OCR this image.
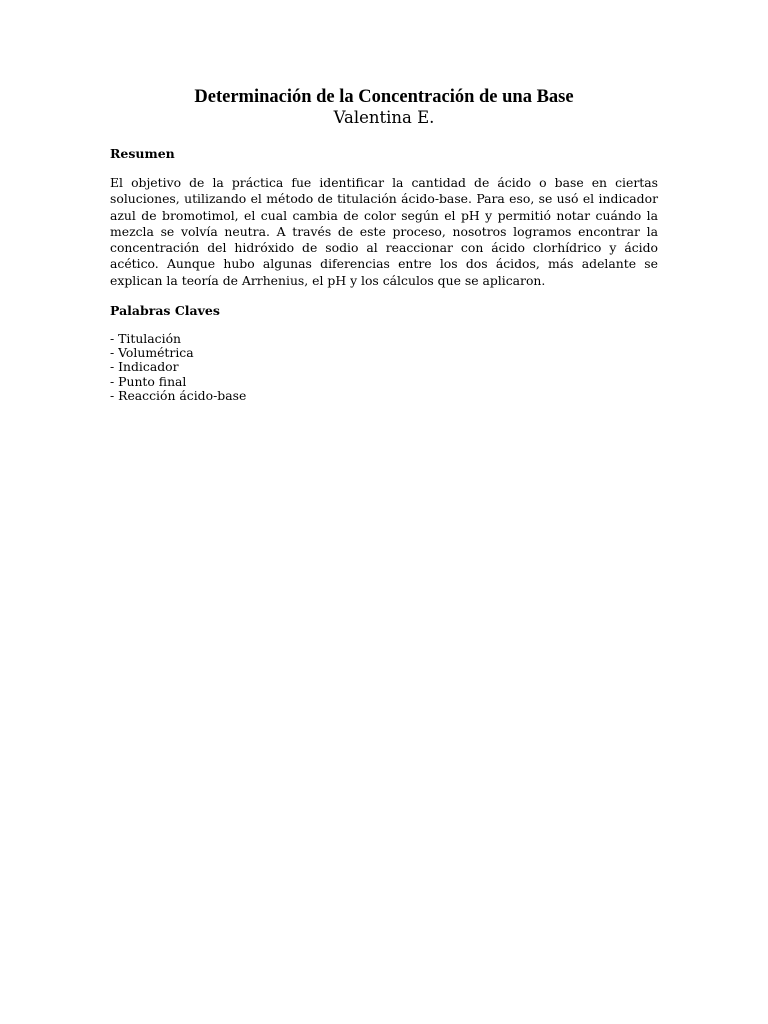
Determinación de la Concentración de una Base
Valentina E.
Resumen

El objetivo de la práctica fue identificar la cantidad de ácido o base en ciertas soluciones, utilizando el método de titulación ácido-base. Para eso, se usó el indicador azul de bromotimol, el cual cambia de color según el pH y permitió notar cuándo la mezcla se volvía neutra. A través de este proceso, nosotros logramos encontrar la concentración del hidróxido de sodio al reaccionar con ácido clorhídrico y ácido acético. Aunque hubo algunas diferencias entre los dos ácidos, más adelante se explican la teoría de Arrhenius, el pH y los cálculos que se aplicaron.

Palabras Claves
- Titulación
- Volumétrica
- Indicador
- Punto final
- Reacción ácido-base
